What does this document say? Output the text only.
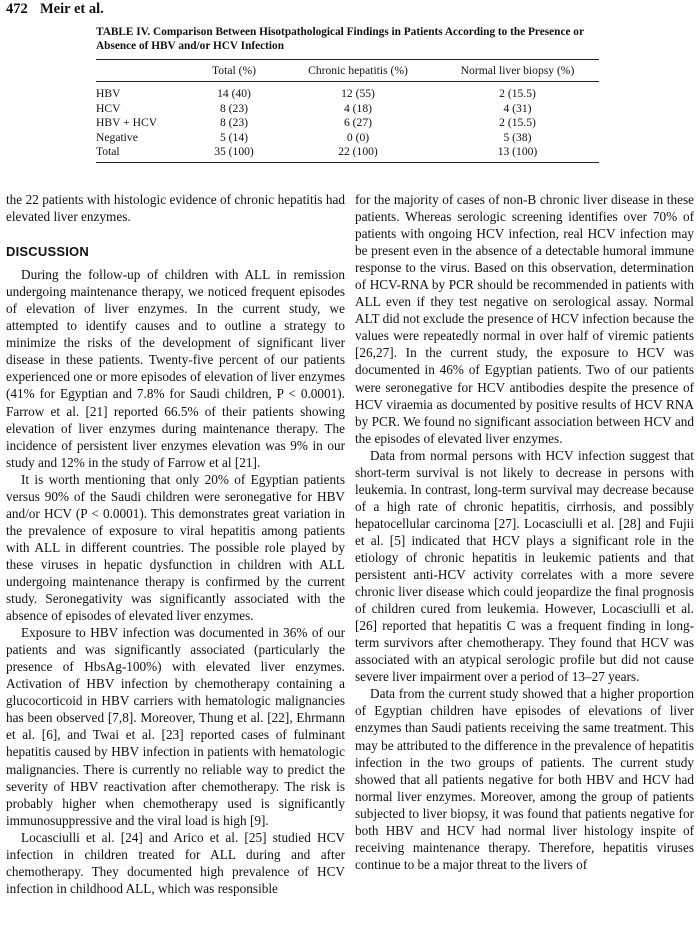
472 Meir et al.

TABLE IV. Comparison Between Hisotpathological Findings in Patients According to the Presence or Absence of HBV and/or HCV Infection

	Total (%)	Chronic hepatitis (%)	Normal liver biopsy (%)
HBV	14 (40)	12 (55)	2 (15.5)
HCV	8 (23)	4 (18)	4 (31)
HBV + HCV	8 (23)	6 (27)	2 (15.5)
Negative	5 (14)	0 (0)	5 (38)
Total	35 (100)	22 (100)	13 (100)

the 22 patients with histologic evidence of chronic hepatitis had elevated liver enzymes.

DISCUSSION

During the follow-up of children with ALL in remission undergoing maintenance therapy, we noticed frequent episodes of elevation of liver enzymes. In the current study, we attempted to identify causes and to outline a strategy to minimize the risks of the development of significant liver disease in these patients. Twenty-five percent of our patients experienced one or more episodes of elevation of liver enzymes (41% for Egyptian and 7.8% for Saudi children, P < 0.0001). Farrow et al. [21] reported 66.5% of their patients showing elevation of liver enzymes during maintenance therapy. The incidence of persistent liver enzymes elevation was 9% in our study and 12% in the study of Farrow et al [21].

It is worth mentioning that only 20% of Egyptian patients versus 90% of the Saudi children were seronegative for HBV and/or HCV (P < 0.0001). This demonstrates great variation in the prevalence of exposure to viral hepatitis among patients with ALL in different countries. The possible role played by these viruses in hepatic dysfunction in children with ALL undergoing maintenance therapy is confirmed by the current study. Seronegativity was significantly associated with the absence of episodes of elevated liver enzymes.

Exposure to HBV infection was documented in 36% of our patients and was significantly associated (particularly the presence of HbsAg-100%) with elevated liver enzymes. Activation of HBV infection by chemotherapy containing a glucocorticoid in HBV carriers with hematologic malignancies has been observed [7,8]. Moreover, Thung et al. [22], Ehrmann et al. [6], and Twai et al. [23] reported cases of fulminant hepatitis caused by HBV infection in patients with hematologic malignancies. There is currently no reliable way to predict the severity of HBV reactivation after chemotherapy. The risk is probably higher when chemotherapy used is significantly immunosuppressive and the viral load is high [9].

Locasciulli et al. [24] and Arico et al. [25] studied HCV infection in children treated for ALL during and after chemotherapy. They documented high prevalence of HCV infection in childhood ALL, which was responsible

for the majority of cases of non-B chronic liver disease in these patients. Whereas serologic screening identifies over 70% of patients with ongoing HCV infection, real HCV infection may be present even in the absence of a detectable humoral immune response to the virus. Based on this observation, determination of HCV-RNA by PCR should be recommended in patients with ALL even if they test negative on serological assay. Normal ALT did not exclude the presence of HCV infection because the values were repeatedly normal in over half of viremic patients [26,27]. In the current study, the exposure to HCV was documented in 46% of Egyptian patients. Two of our patients were seronegative for HCV antibodies despite the presence of HCV viraemia as documented by positive results of HCV RNA by PCR. We found no significant association between HCV and the episodes of elevated liver enzymes.

Data from normal persons with HCV infection suggest that short-term survival is not likely to decrease in persons with leukemia. In contrast, long-term survival may decrease because of a high rate of chronic hepatitis, cirrhosis, and possibly hepatocellular carcinoma [27]. Locasciulli et al. [28] and Fujii et al. [5] indicated that HCV plays a significant role in the etiology of chronic hepatitis in leukemic patients and that persistent anti-HCV activity correlates with a more severe chronic liver disease which could jeopardize the final prognosis of children cured from leukemia. However, Locasciulli et al. [26] reported that hepatitis C was a frequent finding in long-term survivors after chemotherapy. They found that HCV was associated with an atypical serologic profile but did not cause severe liver impairment over a period of 13–27 years.

Data from the current study showed that a higher proportion of Egyptian children have episodes of elevations of liver enzymes than Saudi patients receiving the same treatment. This may be attributed to the difference in the prevalence of hepatitis infection in the two groups of patients. The current study showed that all patients negative for both HBV and HCV had normal liver enzymes. Moreover, among the group of patients subjected to liver biopsy, it was found that patients negative for both HBV and HCV had normal liver histology inspite of receiving maintenance therapy. Therefore, hepatitis viruses continue to be a major threat to the livers of
